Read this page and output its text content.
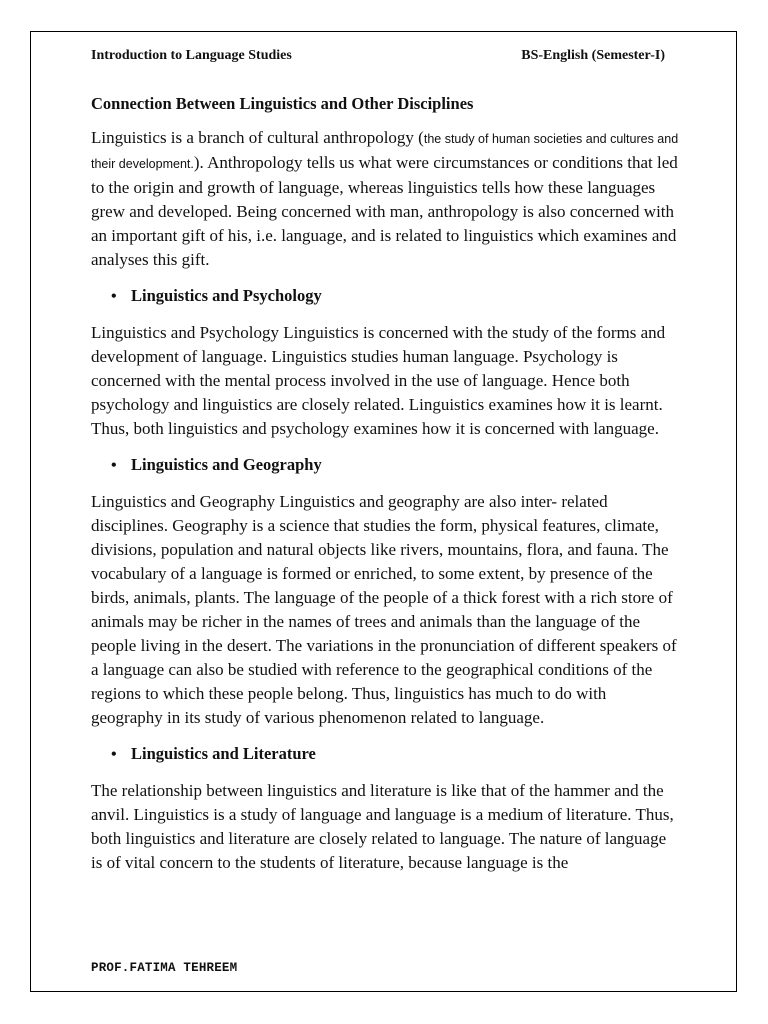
Introduction to Language Studies	BS-English (Semester-I)
Connection Between Linguistics and Other Disciplines

Linguistics is a branch of cultural anthropology (the study of human societies and cultures and their development.). Anthropology tells us what were circumstances or conditions that led to the origin and growth of language, whereas linguistics tells how these languages grew and developed. Being concerned with man, anthropology is also concerned with an important gift of his, i.e. language, and is related to linguistics which examines and analyses this gift.

• Linguistics and Psychology

Linguistics and Psychology Linguistics is concerned with the study of the forms and development of language. Linguistics studies human language. Psychology is concerned with the mental process involved in the use of language. Hence both psychology and linguistics are closely related. Linguistics examines how it is learnt. Thus, both linguistics and psychology examines how it is concerned with language.

• Linguistics and Geography

Linguistics and Geography Linguistics and geography are also inter- related disciplines. Geography is a science that studies the form, physical features, climate, divisions, population and natural objects like rivers, mountains, flora, and fauna. The vocabulary of a language is formed or enriched, to some extent, by presence of the birds, animals, plants. The language of the people of a thick forest with a rich store of animals may be richer in the names of trees and animals than the language of the people living in the desert. The variations in the pronunciation of different speakers of a language can also be studied with reference to the geographical conditions of the regions to which these people belong. Thus, linguistics has much to do with geography in its study of various phenomenon related to language.

• Linguistics and Literature

The relationship between linguistics and literature is like that of the hammer and the anvil. Linguistics is a study of language and language is a medium of literature. Thus, both linguistics and literature are closely related to language. The nature of language is of vital concern to the students of literature, because language is the

PROF.FATIMA TEHREEM
